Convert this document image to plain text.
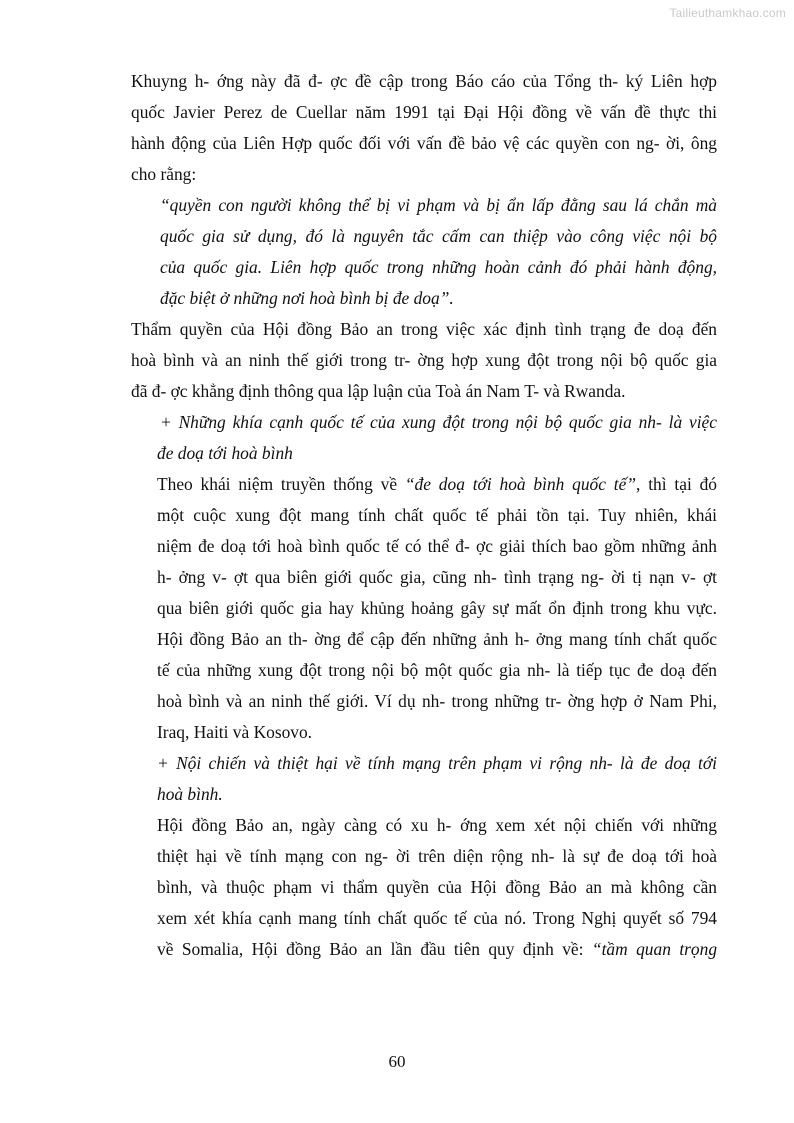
Tailieuthamkhao.com
Khuyng h- ớng này đã đ- ợc đề cập trong Báo cáo của Tổng th- ký Liên hợp
quốc Javier Perez de Cuellar năm 1991 tại Đại Hội đồng về vấn đề thực thi
hành động của Liên Hợp quốc đối với vấn đề bảo vệ các quyền con ng- ời, ông
cho rằng:
“quyền con người không thể bị vi phạm và bị ẩn lấp đằng sau lá chắn mà
quốc gia sử dụng, đó là nguyên tắc cấm can thiệp vào công việc nội bộ
của quốc gia. Liên hợp quốc trong những hoàn cảnh đó phải hành động,
đặc biệt ở những nơi hoà bình bị đe doạ”.
Thẩm quyền của Hội đồng Bảo an trong việc xác định tình trạng đe doạ đến
hoà bình và an ninh thế giới trong tr- ờng hợp xung đột trong nội bộ quốc gia
đã đ- ợc khẳng định thông qua lập luận của Toà án Nam T- và Rwanda.
+ Những khía cạnh quốc tế của xung đột trong nội bộ quốc gia nh- là việc
đe doạ tới hoà bình
Theo khái niệm truyền thống về “đe doạ tới hoà bình quốc tế”, thì tại đó
một cuộc xung đột mang tính chất quốc tế phải tồn tại. Tuy nhiên, khái
niệm đe doạ tới hoà bình quốc tế có thể đ- ợc giải thích bao gồm những ảnh
h- ởng v- ợt qua biên giới quốc gia, cũng nh- tình trạng ng- ời tị nạn v- ợt
qua biên giới quốc gia hay khủng hoảng gây sự mất ổn định trong khu vực.
Hội đồng Bảo an th- ờng để cập đến những ảnh h- ởng mang tính chất quốc
tế của những xung đột trong nội bộ một quốc gia nh- là tiếp tục đe doạ đến
hoà bình và an ninh thế giới. Ví dụ nh- trong những tr- ờng hợp ở Nam Phi,
Iraq, Haiti và Kosovo.
+ Nội chiến và thiệt hại về tính mạng trên phạm vi rộng nh- là đe doạ tới
hoà bình.
Hội đồng Bảo an, ngày càng có xu h- ớng xem xét nội chiến với những
thiệt hại về tính mạng con ng- ời trên diện rộng nh- là sự đe doạ tới hoà
bình, và thuộc phạm vi thẩm quyền của Hội đồng Bảo an mà không cần
xem xét khía cạnh mang tính chất quốc tế của nó. Trong Nghị quyết số 794
về Somalia, Hội đồng Bảo an lần đầu tiên quy định về: “tầm quan trọng
60
